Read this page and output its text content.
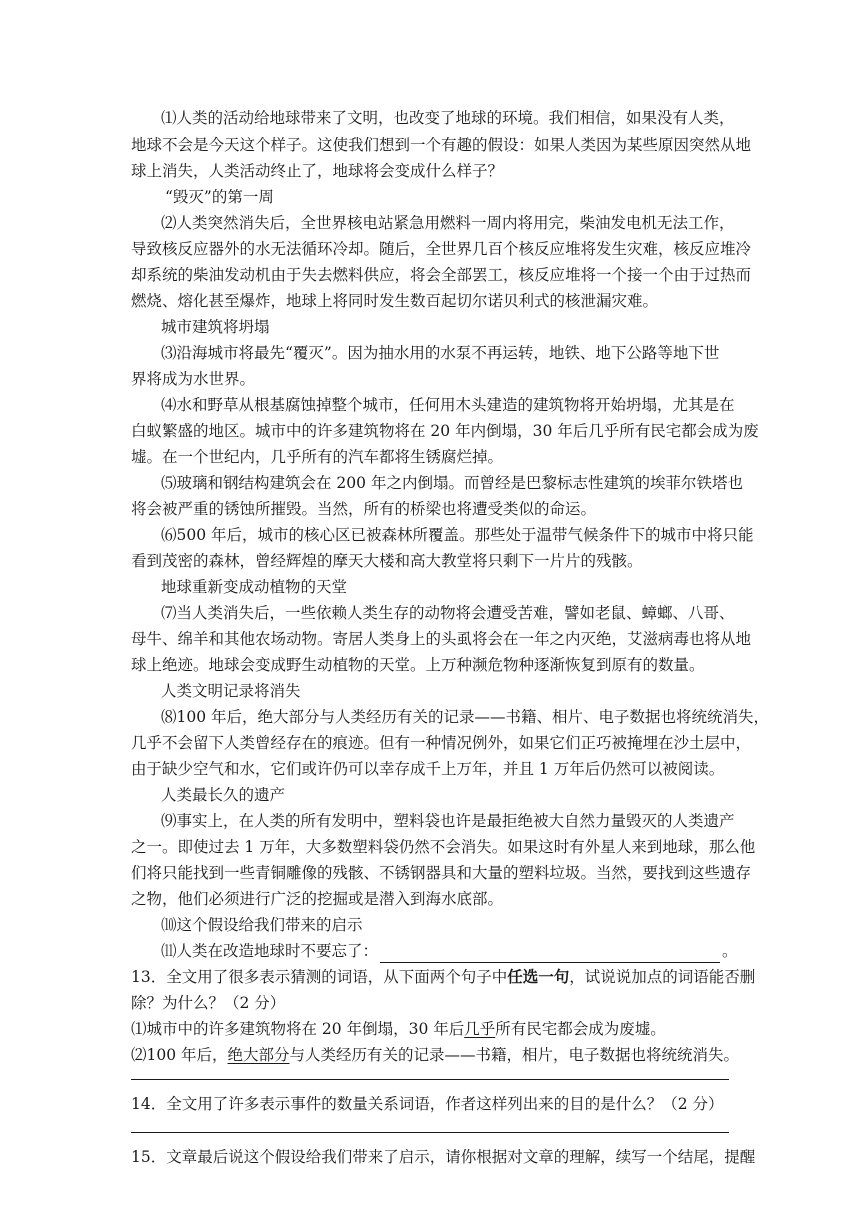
⑴人类的活动给地球带来了文明，也改变了地球的环境。我们相信，如果没有人类，
地球不会是今天这个样子。这使我们想到一个有趣的假设：如果人类因为某些原因突然从地
球上消失，人类活动终止了，地球将会变成什么样子？
“毁灭”的第一周
⑵人类突然消失后，全世界核电站紧急用燃料一周内将用完，柴油发电机无法工作，
导致核反应器外的水无法循环冷却。随后，全世界几百个核反应堆将发生灾难，核反应堆冷
却系统的柴油发动机由于失去燃料供应，将会全部罢工，核反应堆将一个接一个由于过热而
燃烧、熔化甚至爆炸，地球上将同时发生数百起切尔诺贝利式的核泄漏灾难。
城市建筑将坍塌
⑶沿海城市将最先“覆灭”。因为抽水用的水泵不再运转，地铁、地下公路等地下世
界将成为水世界。
⑷水和野草从根基腐蚀掉整个城市，任何用木头建造的建筑物将开始坍塌，尤其是在
白蚁繁盛的地区。城市中的许多建筑物将在 20 年内倒塌，30 年后几乎所有民宅都会成为废
墟。在一个世纪内，几乎所有的汽车都将生锈腐烂掉。
⑸玻璃和钢结构建筑会在 200 年之内倒塌。而曾经是巴黎标志性建筑的埃菲尔铁塔也
将会被严重的锈蚀所摧毁。当然，所有的桥梁也将遭受类似的命运。
⑹500 年后，城市的核心区已被森林所覆盖。那些处于温带气候条件下的城市中将只能
看到茂密的森林，曾经辉煌的摩天大楼和高大教堂将只剩下一片片的残骸。
地球重新变成动植物的天堂
⑺当人类消失后，一些依赖人类生存的动物将会遭受苦难，譬如老鼠、蟑螂、八哥、
母牛、绵羊和其他农场动物。寄居人类身上的头虱将会在一年之内灭绝，艾滋病毒也将从地
球上绝迹。地球会变成野生动植物的天堂。上万种濒危物种逐渐恢复到原有的数量。
人类文明记录将消失
⑻100 年后，绝大部分与人类经历有关的记录——书籍、相片、电子数据也将统统消失，
几乎不会留下人类曾经存在的痕迹。但有一种情况例外，如果它们正巧被掩埋在沙土层中，
由于缺少空气和水，它们或许仍可以幸存成千上万年，并且 1 万年后仍然可以被阅读。
人类最长久的遗产
⑼事实上，在人类的所有发明中，塑料袋也许是最拒绝被大自然力量毁灭的人类遗产
之一。即使过去 1 万年，大多数塑料袋仍然不会消失。如果这时有外星人来到地球，那么他
们将只能找到一些青铜雕像的残骸、不锈钢器具和大量的塑料垃圾。当然，要找到这些遗存
之物，他们必须进行广泛的挖掘或是潜入到海水底部。
⑽这个假设给我们带来的启示
⑾人类在改造地球时不要忘了：	。
13．全文用了很多表示猜测的词语，从下面两个句子中任选一句，试说说加点的词语能否删
除？为什么？（2 分）
⑴城市中的许多建筑物将在 20 年倒塌，30 年后几乎所有民宅都会成为废墟。
⑵100 年后，绝大部分与人类经历有关的记录——书籍，相片，电子数据也将统统消失。
14．全文用了许多表示事件的数量关系词语，作者这样列出来的目的是什么？（2 分）
15．文章最后说这个假设给我们带来了启示，请你根据对文章的理解，续写一个结尾，提醒
